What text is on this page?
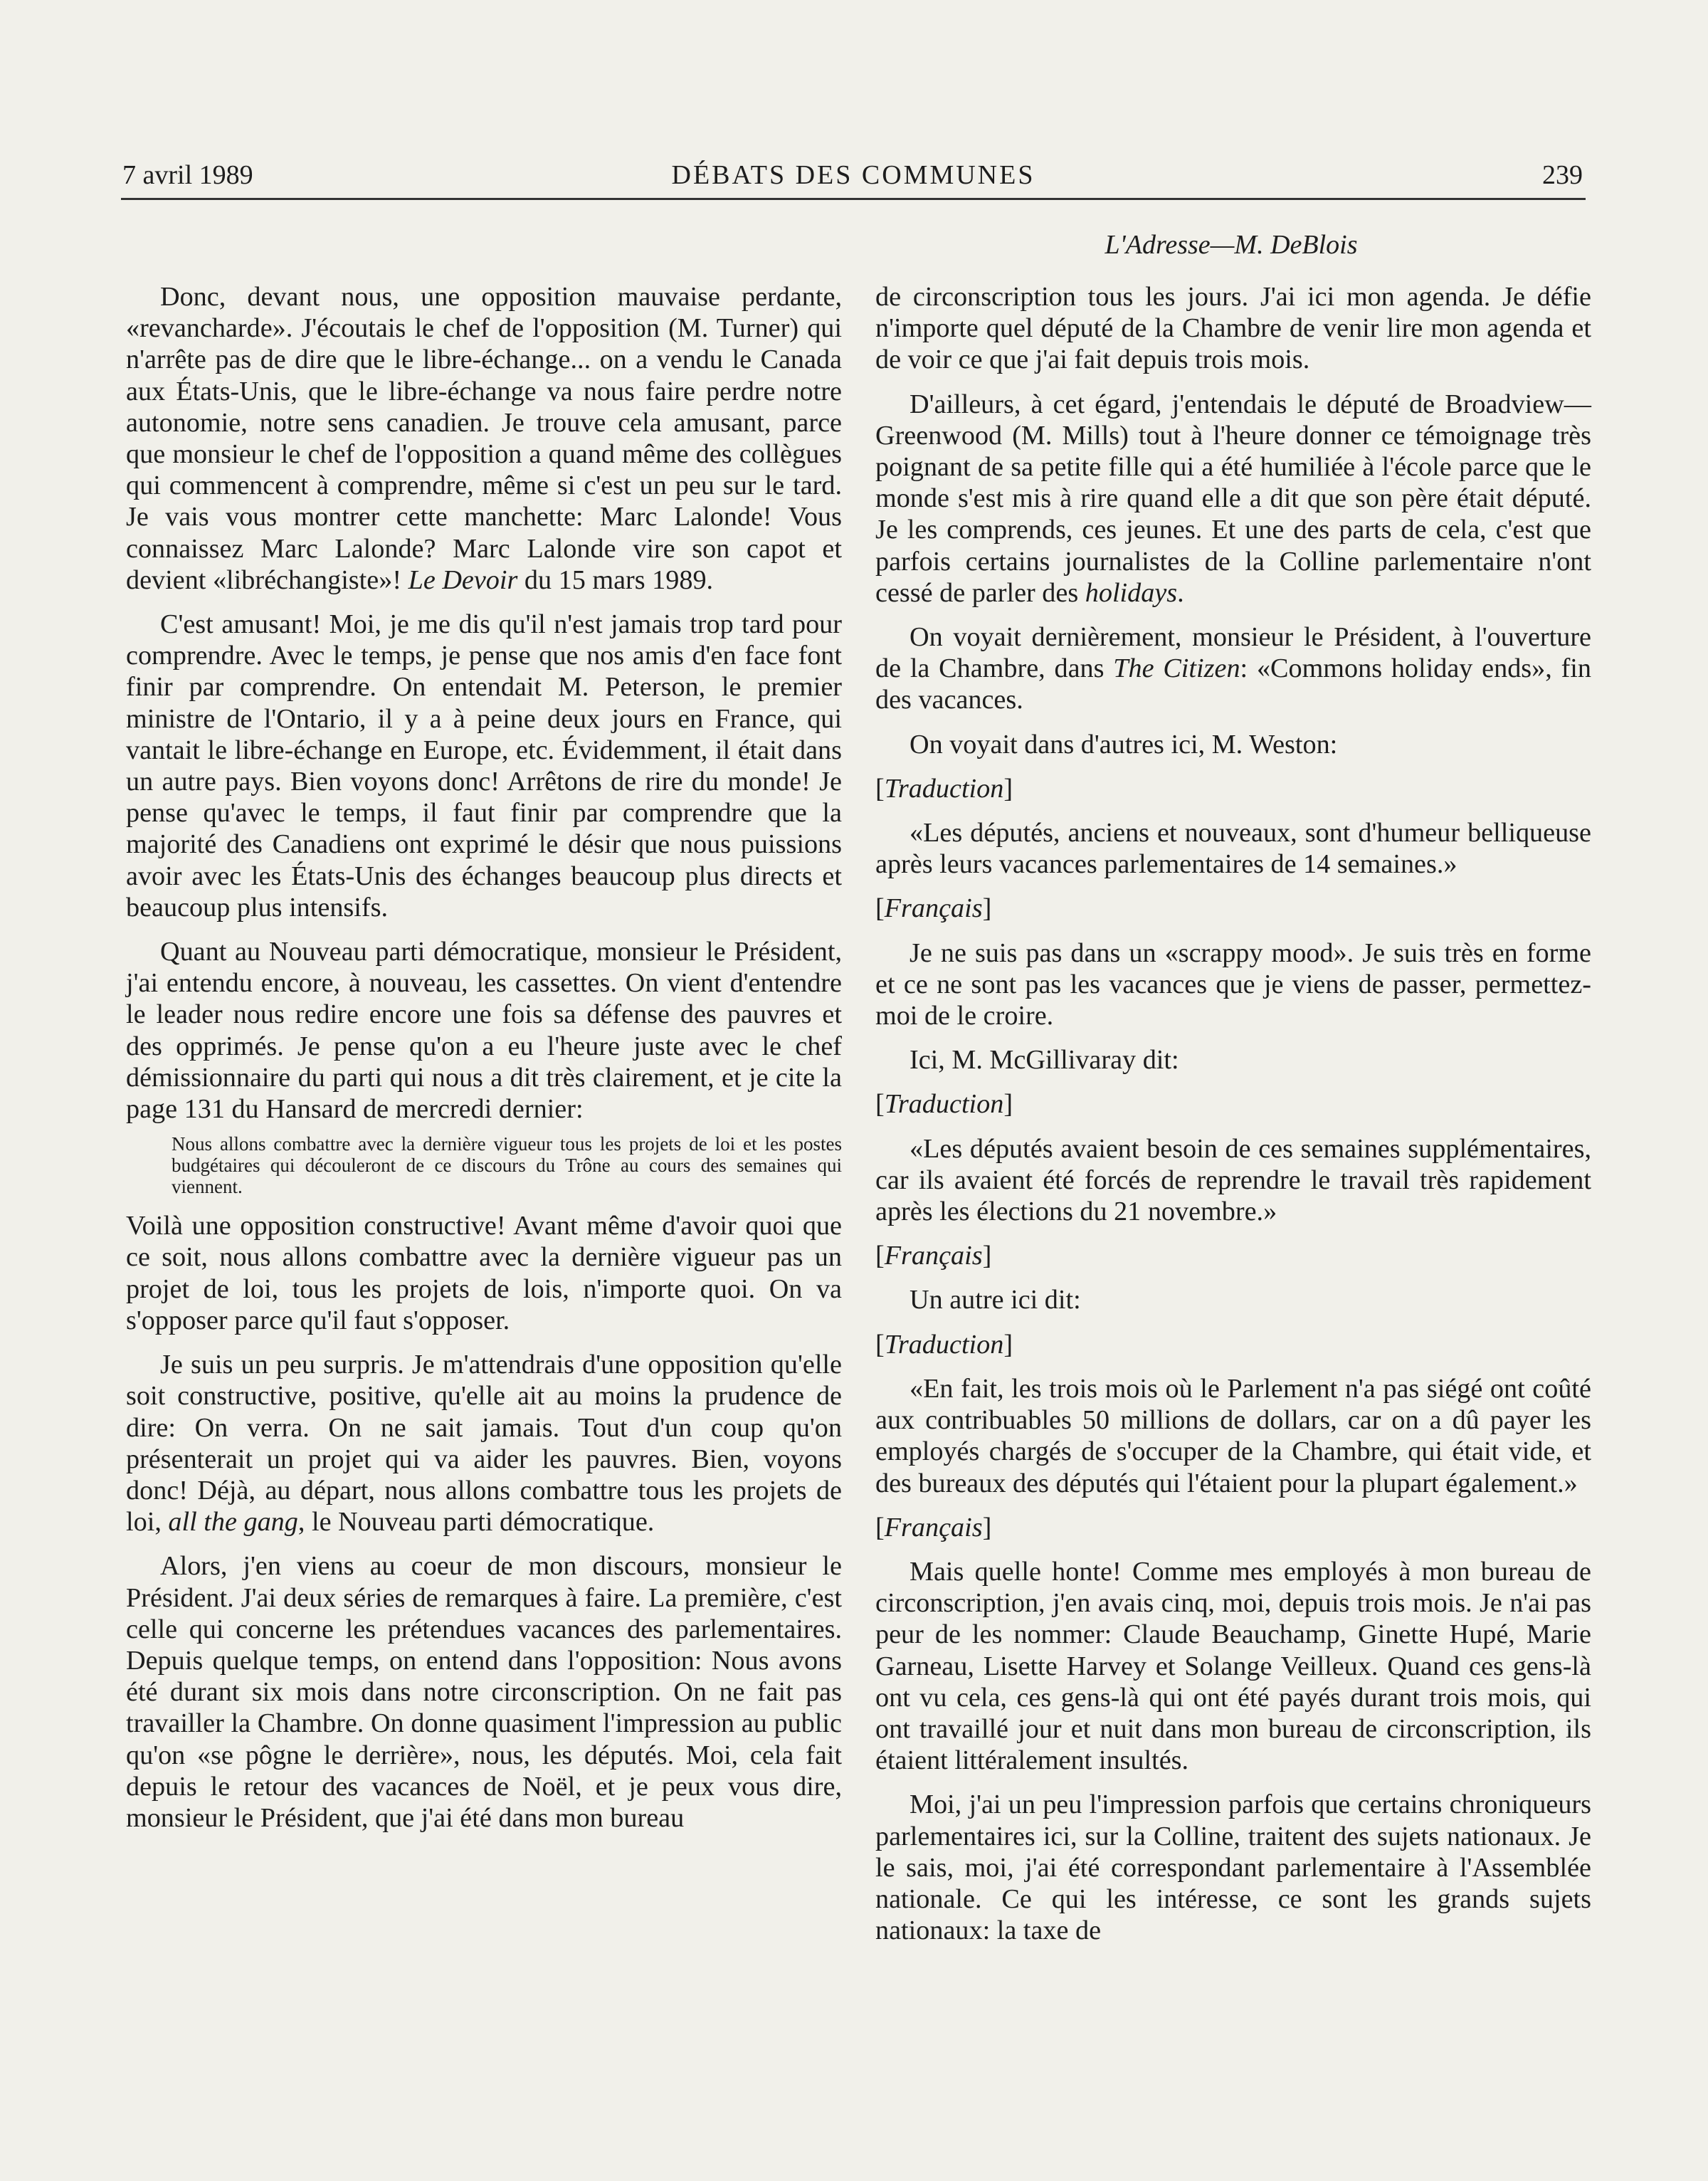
7 avril 1989	DÉBATS DES COMMUNES	239
L'Adresse—M. DeBlois

Donc, devant nous, une opposition mauvaise perdante, «revancharde». J'écoutais le chef de l'opposition (M. Turner) qui n'arrête pas de dire que le libre-échange... on a vendu le Canada aux États-Unis, que le libre-échange va nous faire perdre notre autonomie, notre sens canadien. Je trouve cela amusant, parce que monsieur le chef de l'opposition a quand même des collègues qui commencent à comprendre, même si c'est un peu sur le tard. Je vais vous montrer cette manchette: Marc Lalonde! Vous connaissez Marc Lalonde? Marc Lalonde vire son capot et devient «libréchangiste»! Le Devoir du 15 mars 1989.

C'est amusant! Moi, je me dis qu'il n'est jamais trop tard pour comprendre. Avec le temps, je pense que nos amis d'en face font finir par comprendre. On entendait M. Peterson, le premier ministre de l'Ontario, il y a à peine deux jours en France, qui vantait le libre-échange en Europe, etc. Évidemment, il était dans un autre pays. Bien voyons donc! Arrêtons de rire du monde! Je pense qu'avec le temps, il faut finir par comprendre que la majorité des Canadiens ont exprimé le désir que nous puissions avoir avec les États-Unis des échanges beaucoup plus directs et beaucoup plus intensifs.

Quant au Nouveau parti démocratique, monsieur le Président, j'ai entendu encore, à nouveau, les cassettes. On vient d'entendre le leader nous redire encore une fois sa défense des pauvres et des opprimés. Je pense qu'on a eu l'heure juste avec le chef démissionnaire du parti qui nous a dit très clairement, et je cite la page 131 du Hansard de mercredi dernier:

Nous allons combattre avec la dernière vigueur tous les projets de loi et les postes budgétaires qui découleront de ce discours du Trône au cours des semaines qui viennent.

Voilà une opposition constructive! Avant même d'avoir quoi que ce soit, nous allons combattre avec la dernière vigueur pas un projet de loi, tous les projets de lois, n'importe quoi. On va s'opposer parce qu'il faut s'opposer.

Je suis un peu surpris. Je m'attendrais d'une opposition qu'elle soit constructive, positive, qu'elle ait au moins la prudence de dire: On verra. On ne sait jamais. Tout d'un coup qu'on présenterait un projet qui va aider les pauvres. Bien, voyons donc! Déjà, au départ, nous allons combattre tous les projets de loi, all the gang, le Nouveau parti démocratique.

Alors, j'en viens au coeur de mon discours, monsieur le Président. J'ai deux séries de remarques à faire. La première, c'est celle qui concerne les prétendues vacances des parlementaires. Depuis quelque temps, on entend dans l'opposition: Nous avons été durant six mois dans notre circonscription. On ne fait pas travailler la Chambre. On donne quasiment l'impression au public qu'on «se pôgne le derrière», nous, les députés. Moi, cela fait depuis le retour des vacances de Noël, et je peux vous dire, monsieur le Président, que j'ai été dans mon bureau

de circonscription tous les jours. J'ai ici mon agenda. Je défie n'importe quel député de la Chambre de venir lire mon agenda et de voir ce que j'ai fait depuis trois mois.

D'ailleurs, à cet égard, j'entendais le député de Broadview—Greenwood (M. Mills) tout à l'heure donner ce témoignage très poignant de sa petite fille qui a été humiliée à l'école parce que le monde s'est mis à rire quand elle a dit que son père était député. Je les comprends, ces jeunes. Et une des parts de cela, c'est que parfois certains journalistes de la Colline parlementaire n'ont cessé de parler des holidays.

On voyait dernièrement, monsieur le Président, à l'ouverture de la Chambre, dans The Citizen: «Commons holiday ends», fin des vacances.

On voyait dans d'autres ici, M. Weston:

[Traduction]

«Les députés, anciens et nouveaux, sont d'humeur belliqueuse après leurs vacances parlementaires de 14 semaines.»

[Français]

Je ne suis pas dans un «scrappy mood». Je suis très en forme et ce ne sont pas les vacances que je viens de passer, permettez-moi de le croire.

Ici, M. McGillivaray dit:

[Traduction]

«Les députés avaient besoin de ces semaines supplémentaires, car ils avaient été forcés de reprendre le travail très rapidement après les élections du 21 novembre.»

[Français]

Un autre ici dit:

[Traduction]

«En fait, les trois mois où le Parlement n'a pas siégé ont coûté aux contribuables 50 millions de dollars, car on a dû payer les employés chargés de s'occuper de la Chambre, qui était vide, et des bureaux des députés qui l'étaient pour la plupart également.»

[Français]

Mais quelle honte! Comme mes employés à mon bureau de circonscription, j'en avais cinq, moi, depuis trois mois. Je n'ai pas peur de les nommer: Claude Beauchamp, Ginette Hupé, Marie Garneau, Lisette Harvey et Solange Veilleux. Quand ces gens-là ont vu cela, ces gens-là qui ont été payés durant trois mois, qui ont travaillé jour et nuit dans mon bureau de circonscription, ils étaient littéralement insultés.

Moi, j'ai un peu l'impression parfois que certains chroniqueurs parlementaires ici, sur la Colline, traitent des sujets nationaux. Je le sais, moi, j'ai été correspondant parlementaire à l'Assemblée nationale. Ce qui les intéresse, ce sont les grands sujets nationaux: la taxe de
